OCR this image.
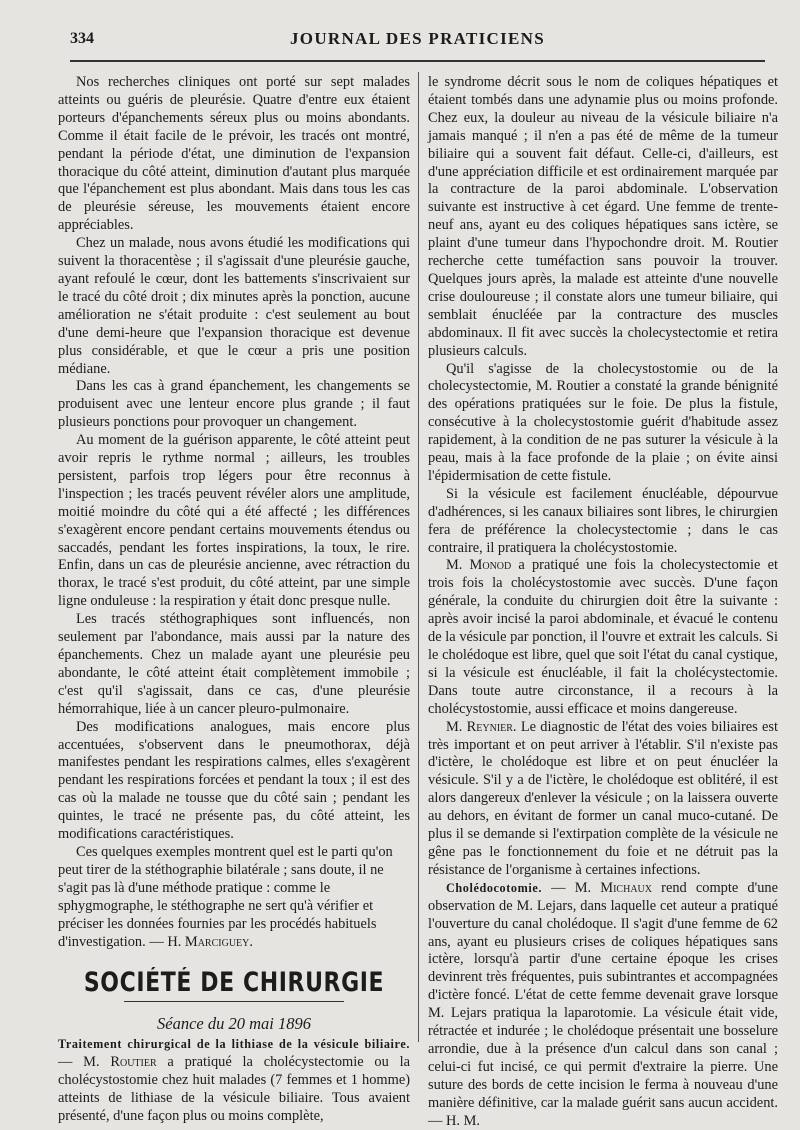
334	JOURNAL DES PRATICIENS

Nos recherches cliniques ont porté sur sept malades atteints ou guéris de pleurésie. Quatre d'entre eux étaient porteurs d'épanchements séreux plus ou moins abondants. Comme il était facile de le prévoir, les tracés ont montré, pendant la période d'état, une diminution de l'expansion thoracique du côté atteint, diminution d'autant plus marquée que l'épanchement est plus abondant. Mais dans tous les cas de pleurésie séreuse, les mouvements étaient encore appréciables.

Chez un malade, nous avons étudié les modifications qui suivent la thoracentèse ; il s'agissait d'une pleurésie gauche, ayant refoulé le cœur, dont les battements s'inscrivaient sur le tracé du côté droit ; dix minutes après la ponction, aucune amélioration ne s'était produite : c'est seulement au bout d'une demi-heure que l'expansion thoracique est devenue plus considérable, et que le cœur a pris une position médiane.

Dans les cas à grand épanchement, les changements se produisent avec une lenteur encore plus grande ; il faut plusieurs ponctions pour provoquer un changement.

Au moment de la guérison apparente, le côté atteint peut avoir repris le rythme normal ; ailleurs, les troubles persistent, parfois trop légers pour être reconnus à l'inspection ; les tracés peuvent révéler alors une amplitude, moitié moindre du côté qui a été affecté ; les différences s'exagèrent encore pendant certains mouvements étendus ou saccadés, pendant les fortes inspirations, la toux, le rire. Enfin, dans un cas de pleurésie ancienne, avec rétraction du thorax, le tracé s'est produit, du côté atteint, par une simple ligne onduleuse : la respiration y était donc presque nulle.

Les tracés stéthographiques sont influencés, non seulement par l'abondance, mais aussi par la nature des épanchements. Chez un malade ayant une pleurésie peu abondante, le côté atteint était complètement immobile ; c'est qu'il s'agissait, dans ce cas, d'une pleurésie hémorrahique, liée à un cancer pleuro-pulmonaire.

Des modifications analogues, mais encore plus accentuées, s'observent dans le pneumothorax, déjà manifestes pendant les respirations calmes, elles s'exagèrent pendant les respirations forcées et pendant la toux ; il est des cas où la malade ne tousse que du côté sain ; pendant les quintes, le tracé ne présente pas, du côté atteint, les modifications caractéristiques.

Ces quelques exemples montrent quel est le parti qu'on peut tirer de la stéthographie bilatérale ; sans doute, il ne s'agit pas là d'une méthode pratique : comme le sphygmographe, le stéthographe ne sert qu'à vérifier et préciser les données fournies par les procédés habituels d'investigation. — H. Marciguey.

SOCIÉTÉ DE CHIRURGIE
Séance du 20 mai 1896

Traitement chirurgical de la lithiase de la vésicule biliaire. — M. Routier a pratiqué la cholécystectomie ou la cholécystostomie chez huit malades (7 femmes et 1 homme) atteints de lithiase de la vésicule biliaire. Tous avaient présenté, d'une façon plus ou moins complète,

le syndrome décrit sous le nom de coliques hépatiques et étaient tombés dans une adynamie plus ou moins profonde. Chez eux, la douleur au niveau de la vésicule biliaire n'a jamais manqué ; il n'en a pas été de même de la tumeur biliaire qui a souvent fait défaut. Celle-ci, d'ailleurs, est d'une appréciation difficile et est ordinairement marquée par la contracture de la paroi abdominale. L'observation suivante est instructive à cet égard. Une femme de trente-neuf ans, ayant eu des coliques hépatiques sans ictère, se plaint d'une tumeur dans l'hypochondre droit. M. Routier recherche cette tuméfaction sans pouvoir la trouver. Quelques jours après, la malade est atteinte d'une nouvelle crise douloureuse ; il constate alors une tumeur biliaire, qui semblait énucléée par la contracture des muscles abdominaux. Il fit avec succès la cholecystectomie et retira plusieurs calculs.

Qu'il s'agisse de la cholecystostomie ou de la cholecystectomie, M. Routier a constaté la grande bénignité des opérations pratiquées sur le foie. De plus la fistule, consécutive à la cholecystostomie guérit d'habitude assez rapidement, à la condition de ne pas suturer la vésicule à la peau, mais à la face profonde de la plaie ; on évite ainsi l'épidermisation de cette fistule.

Si la vésicule est facilement énucléable, dépourvue d'adhérences, si les canaux biliaires sont libres, le chirurgien fera de préférence la cholecystectomie ; dans le cas contraire, il pratiquera la cholécystostomie.

M. Monod a pratiqué une fois la cholecystectomie et trois fois la cholécystostomie avec succès. D'une façon générale, la conduite du chirurgien doit être la suivante : après avoir incisé la paroi abdominale, et évacué le contenu de la vésicule par ponction, il l'ouvre et extrait les calculs. Si le cholédoque est libre, quel que soit l'état du canal cystique, si la vésicule est énucléable, il fait la cholécystectomie. Dans toute autre circonstance, il a recours à la cholécystostomie, aussi efficace et moins dangereuse.

M. Reynier. Le diagnostic de l'état des voies biliaires est très important et on peut arriver à l'établir. S'il n'existe pas d'ictère, le cholédoque est libre et on peut énucléer la vésicule. S'il y a de l'ictère, le cholédoque est oblitéré, il est alors dangereux d'enlever la vésicule ; on la laissera ouverte au dehors, en évitant de former un canal muco-cutané. De plus il se demande si l'extirpation complète de la vésicule ne gêne pas le fonctionnement du foie et ne détruit pas la résistance de l'organisme à certaines infections.

Cholédocotomie. — M. Michaux rend compte d'une observation de M. Lejars, dans laquelle cet auteur a pratiqué l'ouverture du canal cholédoque. Il s'agit d'une femme de 62 ans, ayant eu plusieurs crises de coliques hépatiques sans ictère, lorsqu'à partir d'une certaine époque les crises devinrent très fréquentes, puis subintrantes et accompagnées d'ictère foncé. L'état de cette femme devenait grave lorsque M. Lejars pratiqua la laparotomie. La vésicule était vide, rétractée et indurée ; le cholédoque présentait une bosselure arrondie, due à la présence d'un calcul dans son canal ; celui-ci fut incisé, ce qui permit d'extraire la pierre. Une suture des bords de cette incision le ferma à nouveau d'une manière définitive, car la malade guérit sans aucun accident. — H. M.
